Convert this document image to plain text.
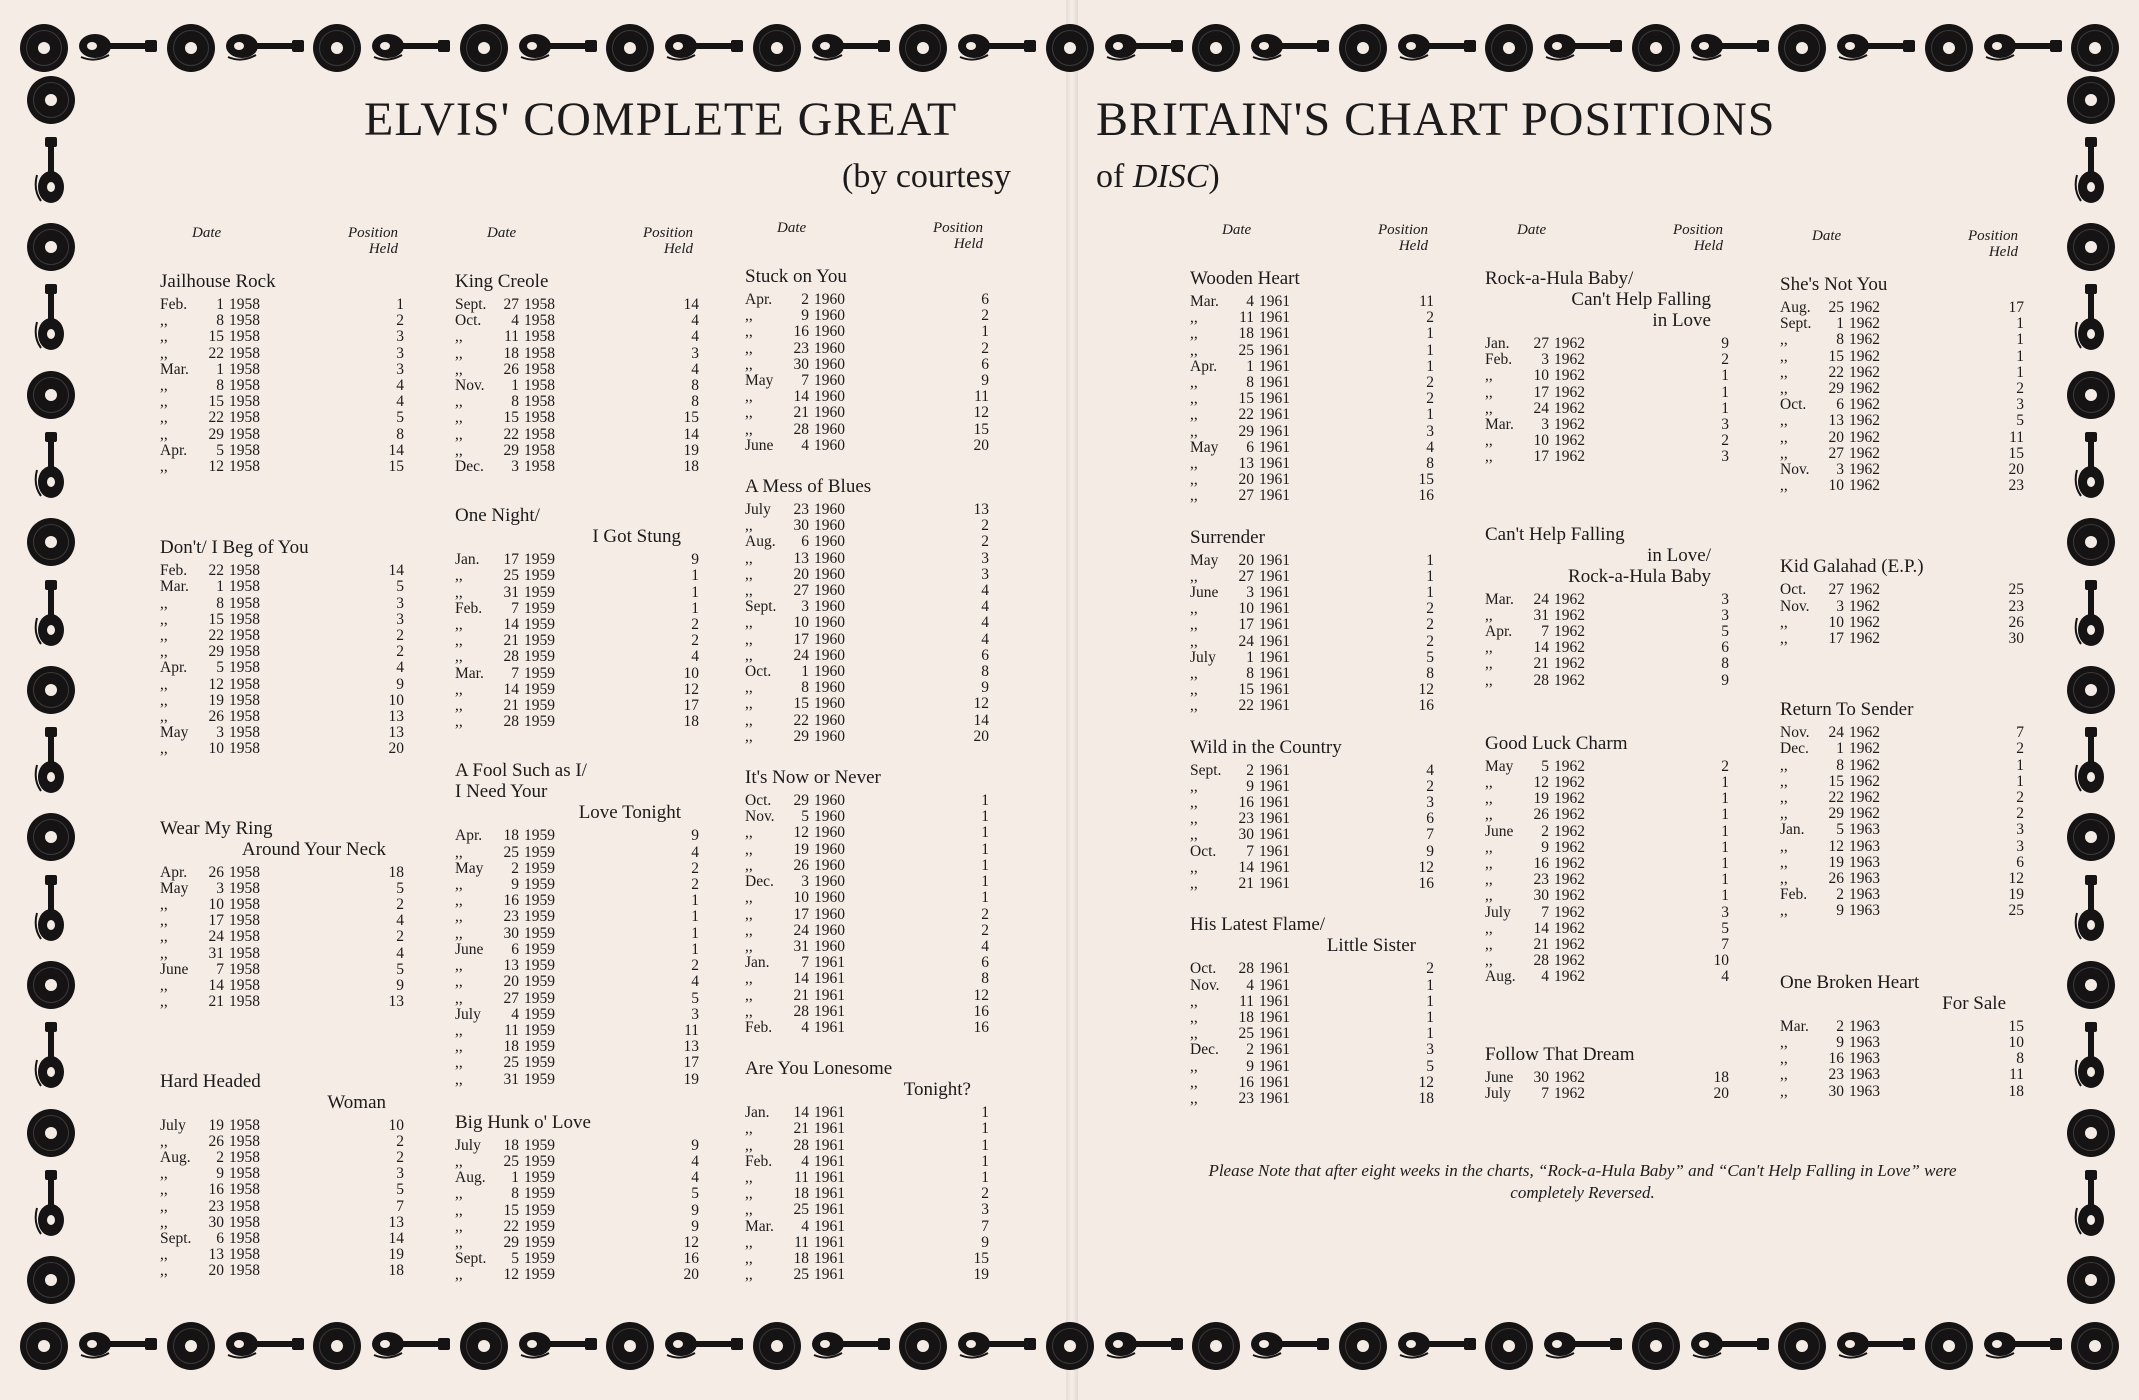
ELVIS' COMPLETE GREAT	BRITAIN'S CHART POSITIONS
(by courtesy of DISC)
Date	Position
Held
Jailhouse Rock
Feb.	1 1958	1
,,	8 1958	2
,,	15 1958	3
,,	22 1958	3
Mar.	1 1958	3
,,	8 1958	4
,,	15 1958	4
,,	22 1958	5
,,	29 1958	8
Apr.	5 1958	14
,,	12 1958	15
Don't/ I Beg of You
Feb.	22 1958	14
Mar.	1 1958	5
,,	8 1958	3
,,	15 1958	3
,,	22 1958	2
,,	29 1958	2
Apr.	5 1958	4
,,	12 1958	9
,,	19 1958	10
,,	26 1958	13
May	3 1958	13
,,	10 1958	20
Wear My Ring
Around Your Neck
Apr.	26 1958	18
May	3 1958	5
,,	10 1958	2
,,	17 1958	4
,,	24 1958	2
,,	31 1958	4
June	7 1958	5
,,	14 1958	9
,,	21 1958	13
Hard Headed
Woman
July	19 1958	10
,,	26 1958	2
Aug.	2 1958	2
,,	9 1958	3
,,	16 1958	5
,,	23 1958	7
,,	30 1958	13
Sept.	6 1958	14
,,	13 1958	19
,,	20 1958	18
Date	Position
Held
King Creole
Sept.	27 1958	14
Oct.	4 1958	4
,,	11 1958	4
,,	18 1958	3
,,	26 1958	4
Nov.	1 1958	8
,,	8 1958	8
,,	15 1958	15
,,	22 1958	14
,,	29 1958	19
Dec.	3 1958	18
One Night/
I Got Stung
Jan.	17 1959	9
,,	25 1959	1
,,	31 1959	1
Feb.	7 1959	1
,,	14 1959	2
,,	21 1959	2
,,	28 1959	4
Mar.	7 1959	10
,,	14 1959	12
,,	21 1959	17
,,	28 1959	18
A Fool Such as I/
I Need Your
Love Tonight
Apr.	18 1959	9
,,	25 1959	4
May	2 1959	2
,,	9 1959	2
,,	16 1959	1
,,	23 1959	1
,,	30 1959	1
June	6 1959	1
,,	13 1959	2
,,	20 1959	4
,,	27 1959	5
July	4 1959	3
,,	11 1959	11
,,	18 1959	13
,,	25 1959	17
,,	31 1959	19
Big Hunk o' Love
July	18 1959	9
,,	25 1959	4
Aug.	1 1959	4
,,	8 1959	5
,,	15 1959	9
,,	22 1959	9
,,	29 1959	12
Sept.	5 1959	16
,,	12 1959	20
Date	Position
Held
Stuck on You
Apr.	2 1960	6
,,	9 1960	2
,,	16 1960	1
,,	23 1960	2
,,	30 1960	6
May	7 1960	9
,,	14 1960	11
,,	21 1960	12
,,	28 1960	15
June	4 1960	20
A Mess of Blues
July	23 1960	13
,,	30 1960	2
Aug.	6 1960	2
,,	13 1960	3
,,	20 1960	3
,,	27 1960	4
Sept.	3 1960	4
,,	10 1960	4
,,	17 1960	4
,,	24 1960	6
Oct.	1 1960	8
,,	8 1960	9
,,	15 1960	12
,,	22 1960	14
,,	29 1960	20
It's Now or Never
Oct.	29 1960	1
Nov.	5 1960	1
,,	12 1960	1
,,	19 1960	1
,,	26 1960	1
Dec.	3 1960	1
,,	10 1960	1
,,	17 1960	2
,,	24 1960	2
,,	31 1960	4
Jan.	7 1961	6
,,	14 1961	8
,,	21 1961	12
,,	28 1961	16
Feb.	4 1961	16
Are You Lonesome
Tonight?
Jan.	14 1961	1
,,	21 1961	1
,,	28 1961	1
Feb.	4 1961	1
,,	11 1961	1
,,	18 1961	2
,,	25 1961	3
Mar.	4 1961	7
,,	11 1961	9
,,	18 1961	15
,,	25 1961	19
Date	Position
Held
Wooden Heart
Mar.	4 1961	11
,,	11 1961	2
,,	18 1961	1
,,	25 1961	1
Apr.	1 1961	1
,,	8 1961	2
,,	15 1961	2
,,	22 1961	1
,,	29 1961	3
May	6 1961	4
,,	13 1961	8
,,	20 1961	15
,,	27 1961	16
Surrender
May	20 1961	1
,,	27 1961	1
June	3 1961	1
,,	10 1961	2
,,	17 1961	2
,,	24 1961	2
July	1 1961	5
,,	8 1961	8
,,	15 1961	12
,,	22 1961	16
Wild in the Country
Sept.	2 1961	4
,,	9 1961	2
,,	16 1961	3
,,	23 1961	6
,,	30 1961	7
Oct.	7 1961	9
,,	14 1961	12
,,	21 1961	16
His Latest Flame/
Little Sister
Oct.	28 1961	2
Nov.	4 1961	1
,,	11 1961	1
,,	18 1961	1
,,	25 1961	1
Dec.	2 1961	3
,,	9 1961	5
,,	16 1961	12
,,	23 1961	18
Date	Position
Held
Rock-a-Hula Baby/
Can't Help Falling
in Love
Jan.	27 1962	9
Feb.	3 1962	2
,,	10 1962	1
,,	17 1962	1
,,	24 1962	1
Mar.	3 1962	3
,,	10 1962	2
,,	17 1962	3
Can't Help Falling
in Love/
Rock-a-Hula Baby
Mar.	24 1962	3
,,	31 1962	3
Apr.	7 1962	5
,,	14 1962	6
,,	21 1962	8
,,	28 1962	9
Good Luck Charm
May	5 1962	2
,,	12 1962	1
,,	19 1962	1
,,	26 1962	1
June	2 1962	1
,,	9 1962	1
,,	16 1962	1
,,	23 1962	1
,,	30 1962	1
July	7 1962	3
,,	14 1962	5
,,	21 1962	7
,,	28 1962	10
Aug.	4 1962	4
Follow That Dream
June	30 1962	18
July	7 1962	20
Date	Position
Held
She's Not You
Aug.	25 1962	17
Sept.	1 1962	1
,,	8 1962	1
,,	15 1962	1
,,	22 1962	1
,,	29 1962	2
Oct.	6 1962	3
,,	13 1962	5
,,	20 1962	11
,,	27 1962	15
Nov.	3 1962	20
,,	10 1962	23
Kid Galahad (E.P.)
Oct.	27 1962	25
Nov.	3 1962	23
,,	10 1962	26
,,	17 1962	30
Return To Sender
Nov.	24 1962	7
Dec.	1 1962	2
,,	8 1962	1
,,	15 1962	1
,,	22 1962	2
,,	29 1962	2
Jan.	5 1963	3
,,	12 1963	3
,,	19 1963	6
,,	26 1963	12
Feb.	2 1963	19
,,	9 1963	25
One Broken Heart
For Sale
Mar.	2 1963	15
,,	9 1963	10
,,	16 1963	8
,,	23 1963	11
,,	30 1963	18
Please Note that after eight weeks in the charts, “Rock-a-Hula Baby” and “Can't Help Falling in Love” were completely Reversed.
